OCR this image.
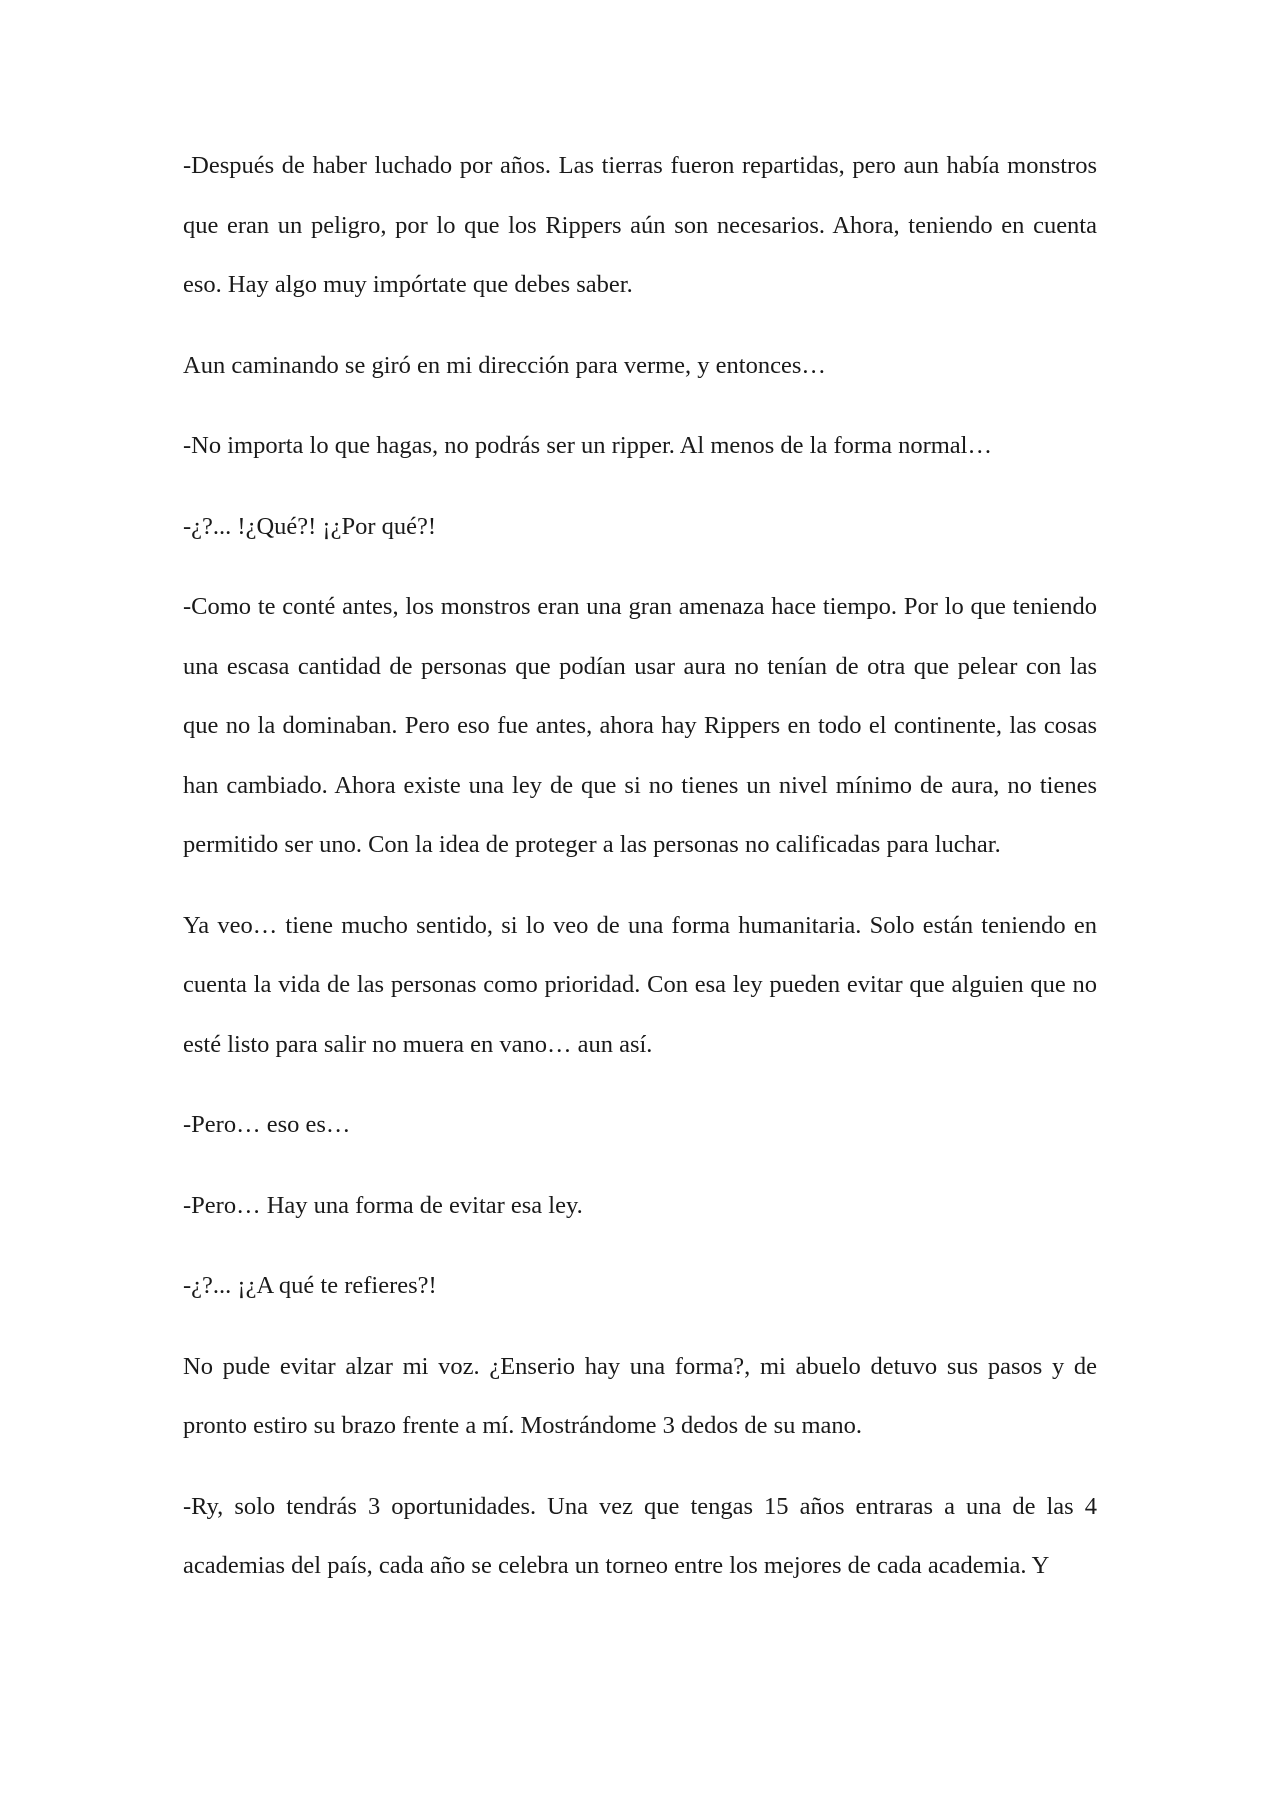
-Después de haber luchado por años. Las tierras fueron repartidas, pero aun había monstros que eran un peligro, por lo que los Rippers aún son necesarios. Ahora, teniendo en cuenta eso. Hay algo muy impórtate que debes saber.

Aun caminando se giró en mi dirección para verme, y entonces…

-No importa lo que hagas, no podrás ser un ripper. Al menos de la forma normal…

-¿?... !¿Qué?! ¡¿Por qué?!

-Como te conté antes, los monstros eran una gran amenaza hace tiempo. Por lo que teniendo una escasa cantidad de personas que podían usar aura no tenían de otra que pelear con las que no la dominaban. Pero eso fue antes, ahora hay Rippers en todo el continente, las cosas han cambiado. Ahora existe una ley de que si no tienes un nivel mínimo de aura, no tienes permitido ser uno. Con la idea de proteger a las personas no calificadas para luchar.

Ya veo… tiene mucho sentido, si lo veo de una forma humanitaria. Solo están teniendo en cuenta la vida de las personas como prioridad. Con esa ley pueden evitar que alguien que no esté listo para salir no muera en vano… aun así.

-Pero… eso es…

-Pero… Hay una forma de evitar esa ley.

-¿?... ¡¿A qué te refieres?!

No pude evitar alzar mi voz. ¿Enserio hay una forma?, mi abuelo detuvo sus pasos y de pronto estiro su brazo frente a mí. Mostrándome 3 dedos de su mano.

-Ry, solo tendrás 3 oportunidades. Una vez que tengas 15 años entraras a una de las 4 academias del país, cada año se celebra un torneo entre los mejores de cada academia. Y
